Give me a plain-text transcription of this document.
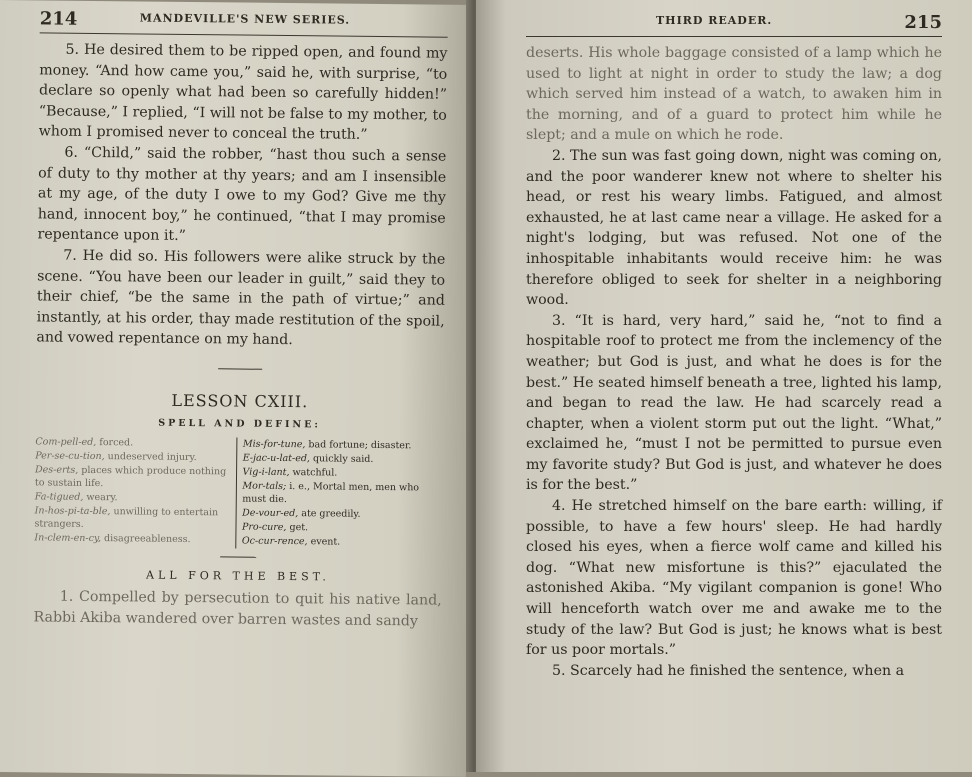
214	MANDEVILLE'S NEW SERIES.

5. He desired them to be ripped open, and found my money. “And how came you,” said he, with surprise, “to declare so openly what had been so carefully hidden!” “Because,” I replied, “I will not be false to my mother, to whom I promised never to conceal the truth.”

6. “Child,” said the robber, “hast thou such a sense of duty to thy mother at thy years; and am I insensible at my age, of the duty I owe to my God? Give me thy hand, innocent boy,” he continued, “that I may promise repentance upon it.”

7. He did so. His followers were alike struck by the scene. “You have been our leader in guilt,” said they to their chief, “be the same in the path of virtue;” and instantly, at his order, thay made restitution of the spoil, and vowed repentance on my hand.

LESSON CXIII.
SPELL AND DEFINE:
Com-pell-ed, forced.
Per-se-cu-tion, undeserved injury.
Des-erts, places which produce nothing to sustain life.
Fa-tigued, weary.
In-hos-pi-ta-ble, unwilling to entertain strangers.
In-clem-en-cy, disagreeableness.
Mis-for-tune, bad fortune; disaster.
E-jac-u-lat-ed, quickly said.
Vig-i-lant, watchful.
Mor-tals; i. e., Mortal men, men who must die.
De-vour-ed, ate greedily.
Pro-cure, get.
Oc-cur-rence, event.
ALL FOR THE BEST.

1. Compelled by persecution to quit his native land, Rabbi Akiba wandered over barren wastes and sandy

THIRD READER.	215

deserts. His whole baggage consisted of a lamp which he used to light at night in order to study the law; a dog which served him instead of a watch, to awaken him in the morning, and of a guard to protect him while he slept; and a mule on which he rode.

2. The sun was fast going down, night was coming on, and the poor wanderer knew not where to shelter his head, or rest his weary limbs. Fatigued, and almost exhausted, he at last came near a village. He asked for a night's lodging, but was refused. Not one of the inhospitable inhabitants would receive him: he was therefore obliged to seek for shelter in a neighboring wood.

3. “It is hard, very hard,” said he, “not to find a hospitable roof to protect me from the inclemency of the weather; but God is just, and what he does is for the best.” He seated himself beneath a tree, lighted his lamp, and began to read the law. He had scarcely read a chapter, when a violent storm put out the light. “What,” exclaimed he, “must I not be permitted to pursue even my favorite study? But God is just, and whatever he does is for the best.”

4. He stretched himself on the bare earth: willing, if possible, to have a few hours' sleep. He had hardly closed his eyes, when a fierce wolf came and killed his dog. “What new misfortune is this?” ejaculated the astonished Akiba. “My vigilant companion is gone! Who will henceforth watch over me and awake me to the study of the law? But God is just; he knows what is best for us poor mortals.”

5. Scarcely had he finished the sentence, when a
